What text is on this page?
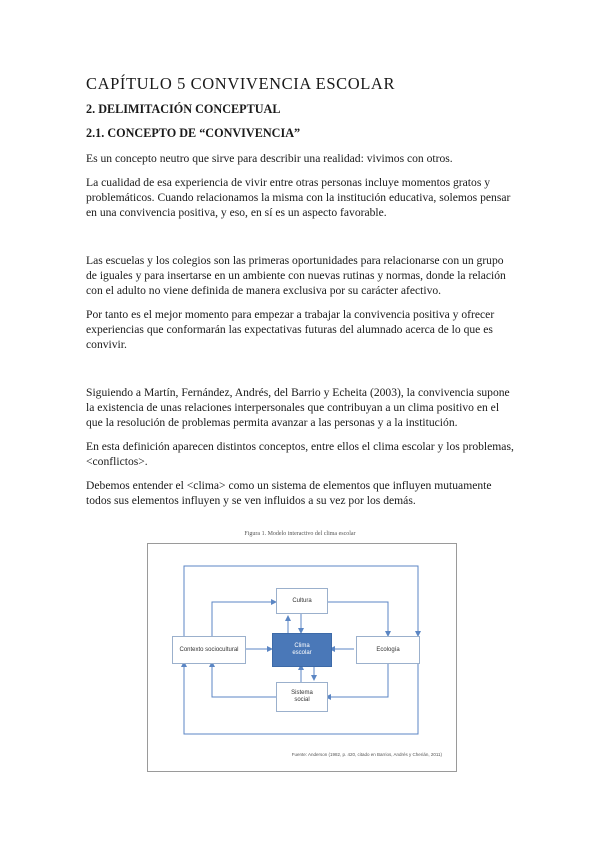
CAPÍTULO 5 CONVIVENCIA ESCOLAR
2. DELIMITACIÓN CONCEPTUAL
2.1. CONCEPTO DE “CONVIVENCIA”

Es un concepto neutro que sirve para describir una realidad: vivimos con otros.

La cualidad de esa experiencia de vivir entre otras personas incluye momentos gratos y problemáticos. Cuando relacionamos la misma con la institución educativa, solemos pensar en una convivencia positiva, y eso, en sí es un aspecto favorable.

Las escuelas y los colegios son las primeras oportunidades para relacionarse con un grupo de iguales y para insertarse en un ambiente con nuevas rutinas y normas, donde la relación con el adulto no viene definida de manera exclusiva por su carácter afectivo.

Por tanto es el mejor momento para empezar a trabajar la convivencia positiva y ofrecer experiencias que conformarán las expectativas futuras del alumnado acerca de lo que es convivir.

Siguiendo a Martín, Fernández, Andrés, del Barrio y Echeita (2003), la convivencia supone la existencia de unas relaciones interpersonales que contribuyan a un clima positivo en el que la resolución de problemas permita avanzar a las personas y a la institución.

En esta definición aparecen distintos conceptos, entre ellos el clima escolar y los problemas, <conflictos>.

Debemos entender el <clima> como un sistema de elementos que influyen mutuamente todos sus elementos influyen y se ven influidos a su vez por los demás.

Figura 1. Modelo interactivo del clima escolar
Cultura
Contexto sociocultural
Clima
escolar
Ecología
Sistema
social
Fuente: Anderson (1982, p. 420, citado en Barrios, Andrés y Cherián, 2011)
